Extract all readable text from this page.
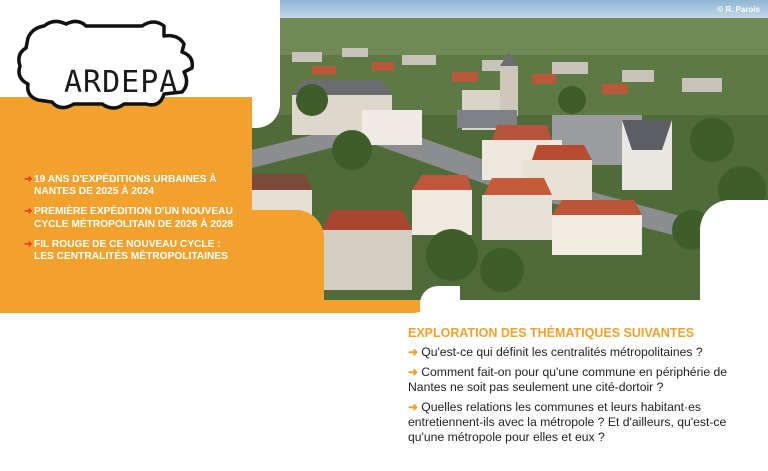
© R. Parois
ARDEPA
➜ 19 ANS D'EXPÉDITIONS URBAINES À NANTES DE 2025 À 2024
➜ PREMIÈRE EXPÉDITION D'UN NOUVEAU CYCLE MÉTROPOLITAIN DE 2026 À 2028
➜ FIL ROUGE DE CE NOUVEAU CYCLE : LES CENTRALITÉS MÉTROPOLITAINES
EXPLORATION DES THÉMATIQUES SUIVANTES

➜ Qu'est-ce qui définit les centralités métropolitaines ?

➜ Comment fait-on pour qu'une commune en périphérie de Nantes ne soit pas seulement une cité-dortoir ?

➜ Quelles relations les communes et leurs habitant·es entretiennent-ils avec la métropole ? Et d'ailleurs, qu'est-ce qu'une métropole pour elles et eux ?
